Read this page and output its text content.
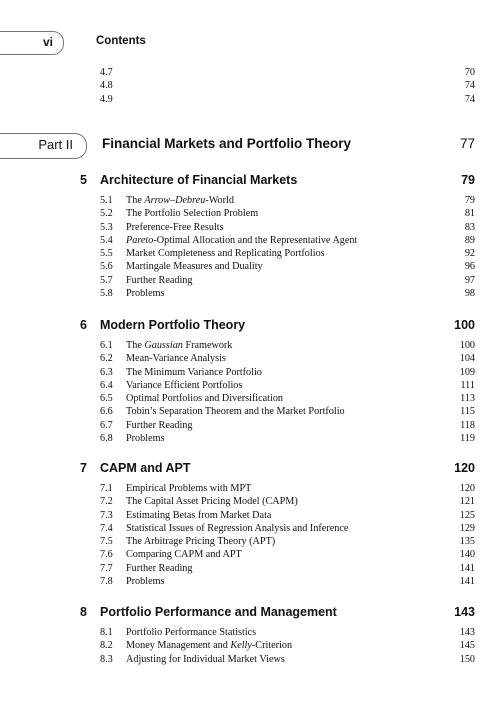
vi	Contents
4.7	70
4.8	74
4.9	74
Part II Financial Markets and Portfolio Theory	77
5 Architecture of Financial Markets	79
5.1 The Arrow–Debreu-World	79
5.2 The Portfolio Selection Problem	81
5.3 Preference-Free Results	83
5.4 Pareto-Optimal Allocation and the Representative Agent	89
5.5 Market Completeness and Replicating Portfolios	92
5.6 Martingale Measures and Duality	96
5.7 Further Reading	97
5.8 Problems	98
6 Modern Portfolio Theory	100
6.1 The Gaussian Framework	100
6.2 Mean-Variance Analysis	104
6.3 The Minimum Variance Portfolio	109
6.4 Variance Efficient Portfolios	111
6.5 Optimal Portfolios and Diversification	113
6.6 Tobin’s Separation Theorem and the Market Portfolio	115
6.7 Further Reading	118
6.8 Problems	119
7 CAPM and APT	120
7.1 Empirical Problems with MPT	120
7.2 The Capital Asset Pricing Model (CAPM)	121
7.3 Estimating Betas from Market Data	125
7.4 Statistical Issues of Regression Analysis and Inference	129
7.5 The Arbitrage Pricing Theory (APT)	135
7.6 Comparing CAPM and APT	140
7.7 Further Reading	141
7.8 Problems	141
8 Portfolio Performance and Management	143
8.1 Portfolio Performance Statistics	143
8.2 Money Management and Kelly-Criterion	145
8.3 Adjusting for Individual Market Views	150
